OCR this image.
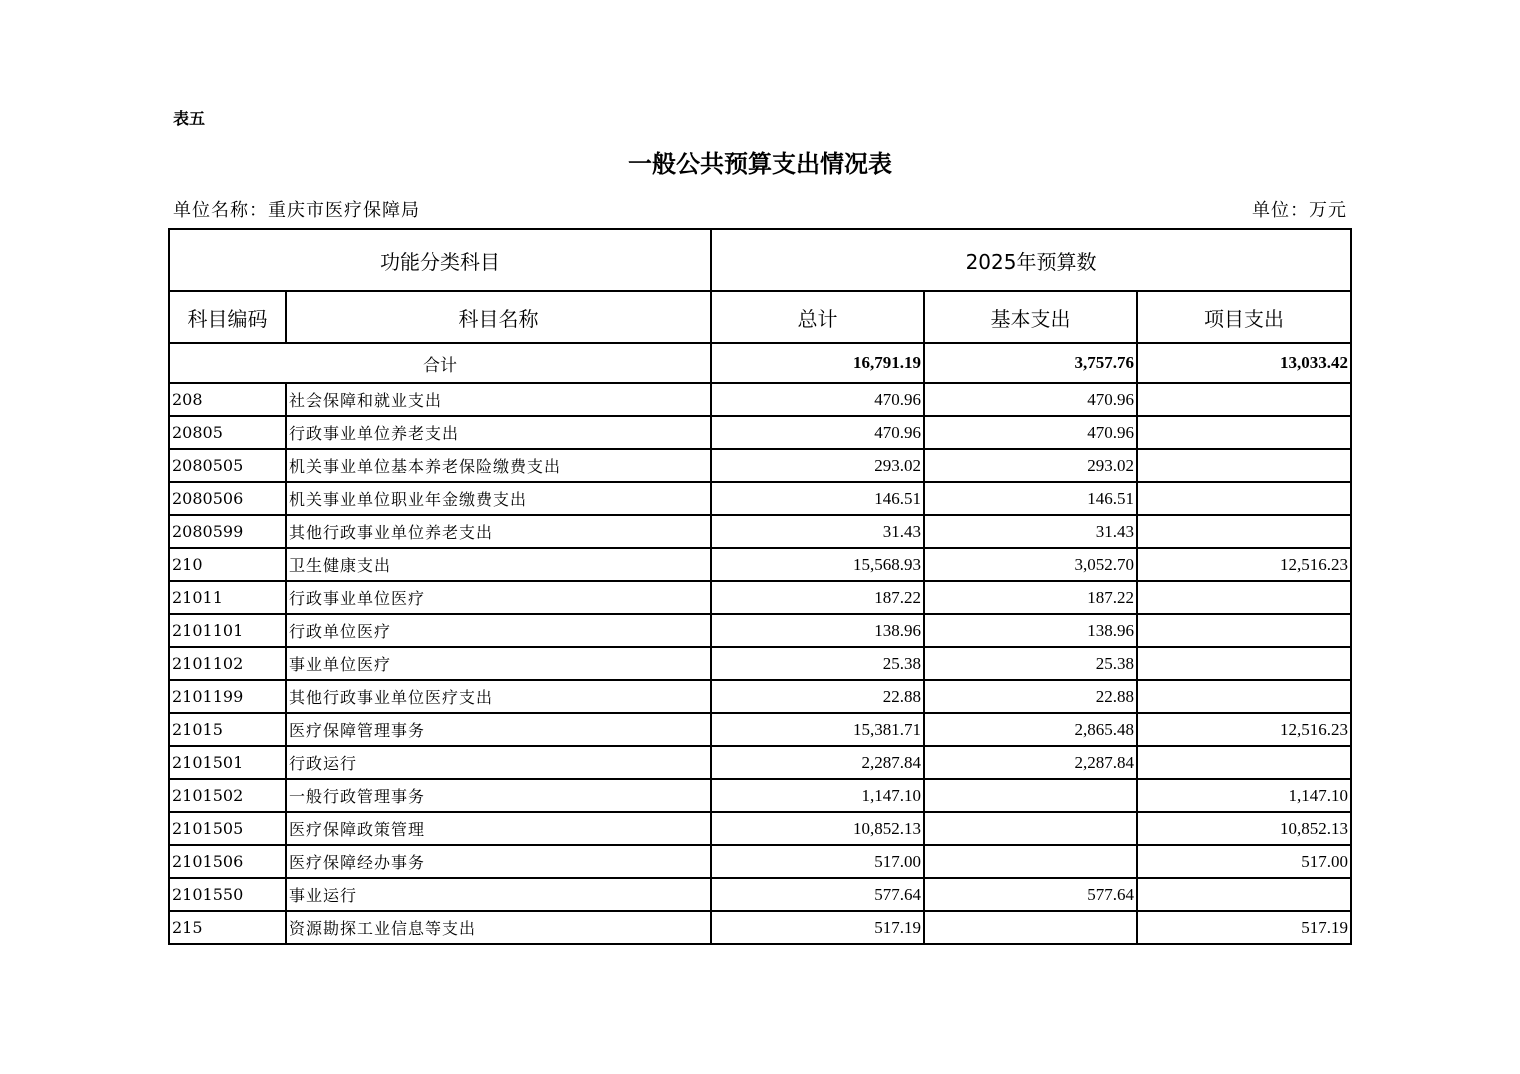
表五
一般公共预算支出情况表
单位名称：重庆市医疗保障局	单位：万元
功能分类科目		2025年预算数		
科目编码	科目名称	总计	基本支出	项目支出
合计		16,791.19	3,757.76	13,033.42
208	社会保障和就业支出	470.96	470.96	
20805	行政事业单位养老支出	470.96	470.96	
2080505	机关事业单位基本养老保险缴费支出	293.02	293.02	
2080506	机关事业单位职业年金缴费支出	146.51	146.51	
2080599	其他行政事业单位养老支出	31.43	31.43	
210	卫生健康支出	15,568.93	3,052.70	12,516.23
21011	行政事业单位医疗	187.22	187.22	
2101101	行政单位医疗	138.96	138.96	
2101102	事业单位医疗	25.38	25.38	
2101199	其他行政事业单位医疗支出	22.88	22.88	
21015	医疗保障管理事务	15,381.71	2,865.48	12,516.23
2101501	行政运行	2,287.84	2,287.84	
2101502	一般行政管理事务	1,147.10		1,147.10
2101505	医疗保障政策管理	10,852.13		10,852.13
2101506	医疗保障经办事务	517.00		517.00
2101550	事业运行	577.64	577.64	
215	资源勘探工业信息等支出	517.19		517.19
